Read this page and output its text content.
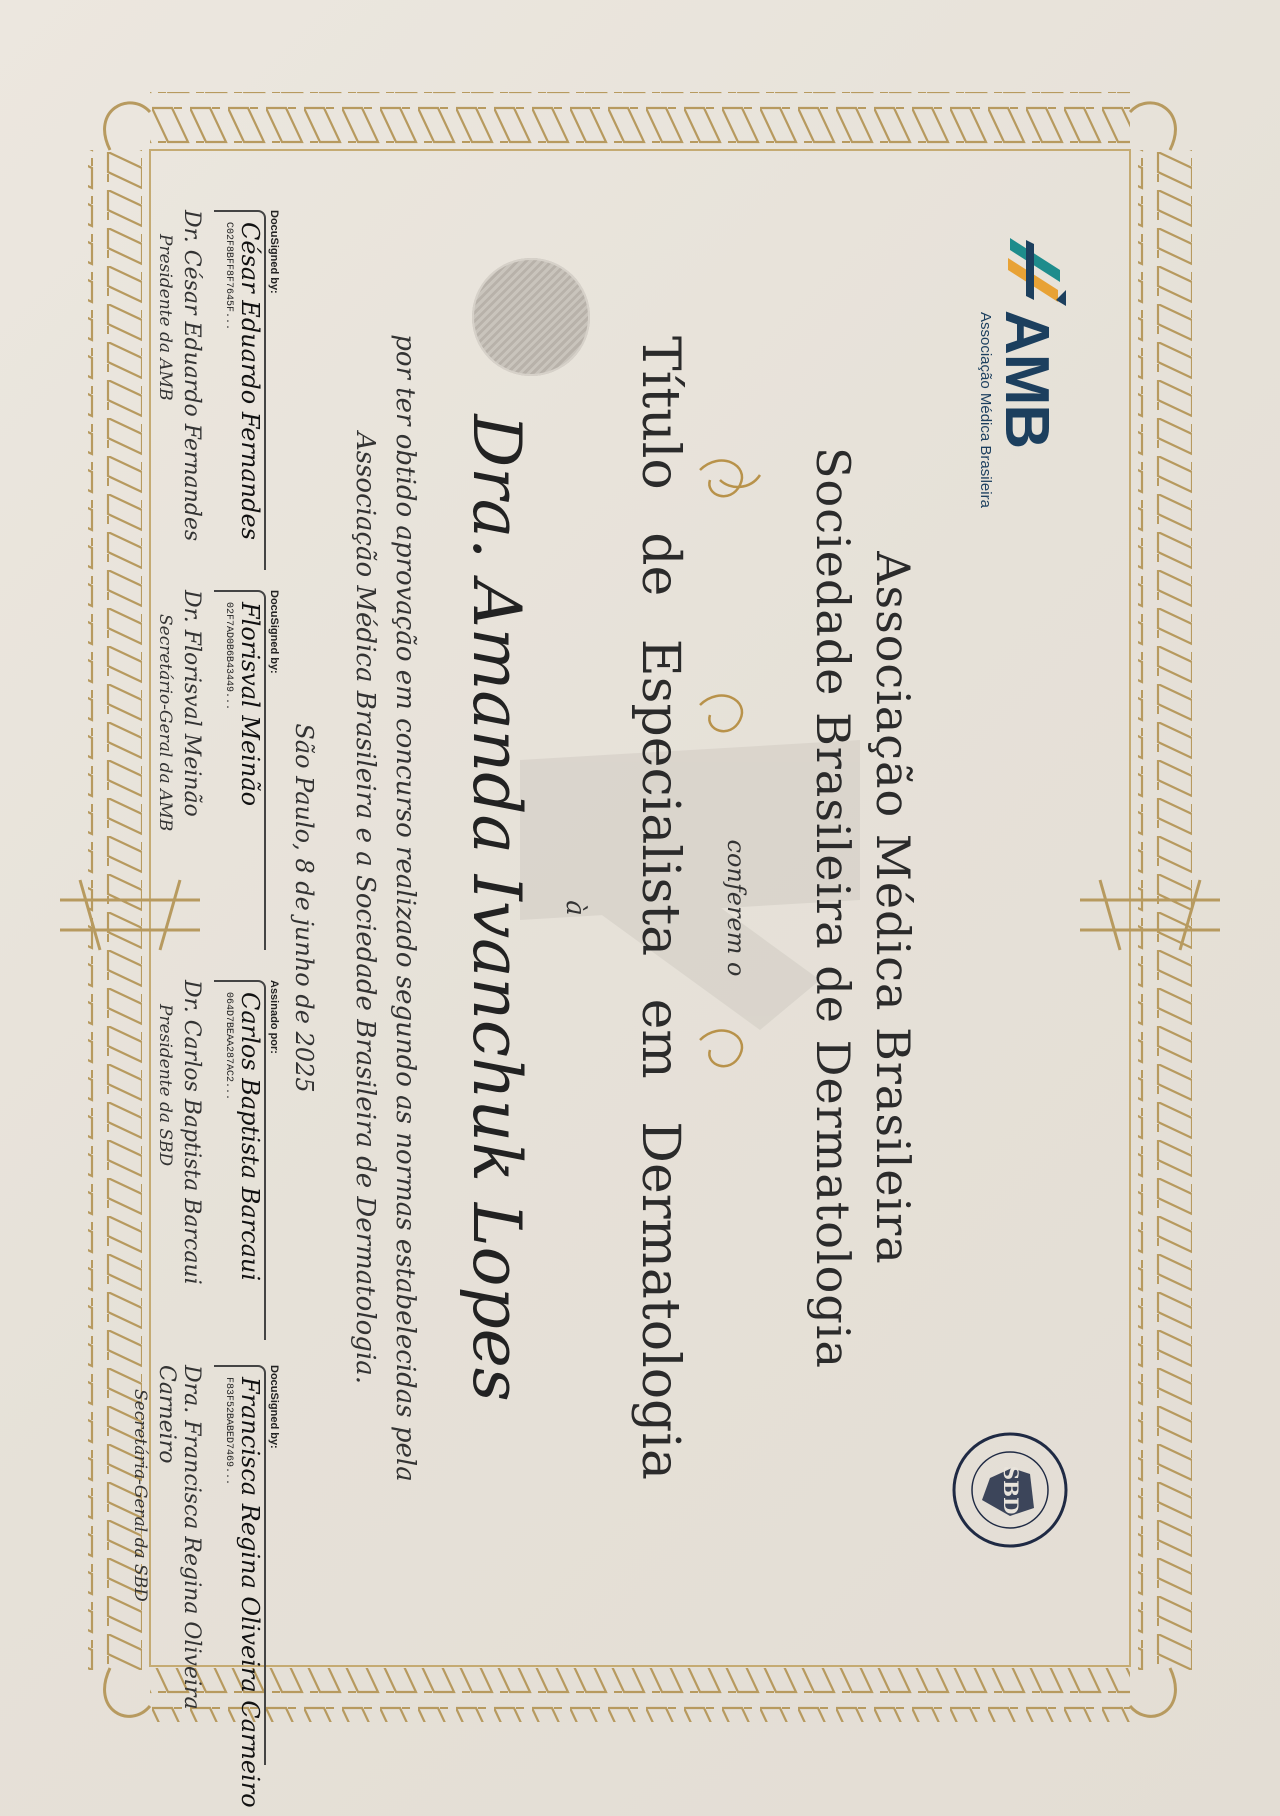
AMB
Associação Médica Brasileira
SBD
Associação Médica Brasileira
Sociedade Brasileira de Dermatologia
conferem o
Título de Especialista em Dermatologia
à
Dra. Amanda Ivanchuk Lopes
por ter obtido aprovação em concurso realizado segundo as normas estabelecidas pela
Associação Médica Brasileira e a Sociedade Brasileira de Dermatologia.
São Paulo, 8 de junho de 2025
DocuSigned by:
César Eduardo Fernandes
C02F8BFF8F7645F...
Dr. César Eduardo Fernandes
Presidente da AMB
DocuSigned by:
Florisval Meinão
02F7AD0B6B43449...
Dr. Florisval Meinão
Secretário-Geral da AMB
Assinado por:
Carlos Baptista Barcaui
064D7BEAA287AC2...
Dr. Carlos Baptista Barcaui
Presidente da SBD
DocuSigned by:
Francisca Regina Oliveira Carneiro
F83F52BABED7469...
Dra. Francisca Regina Oliveira Carneiro
Secretária-Geral da SBD
